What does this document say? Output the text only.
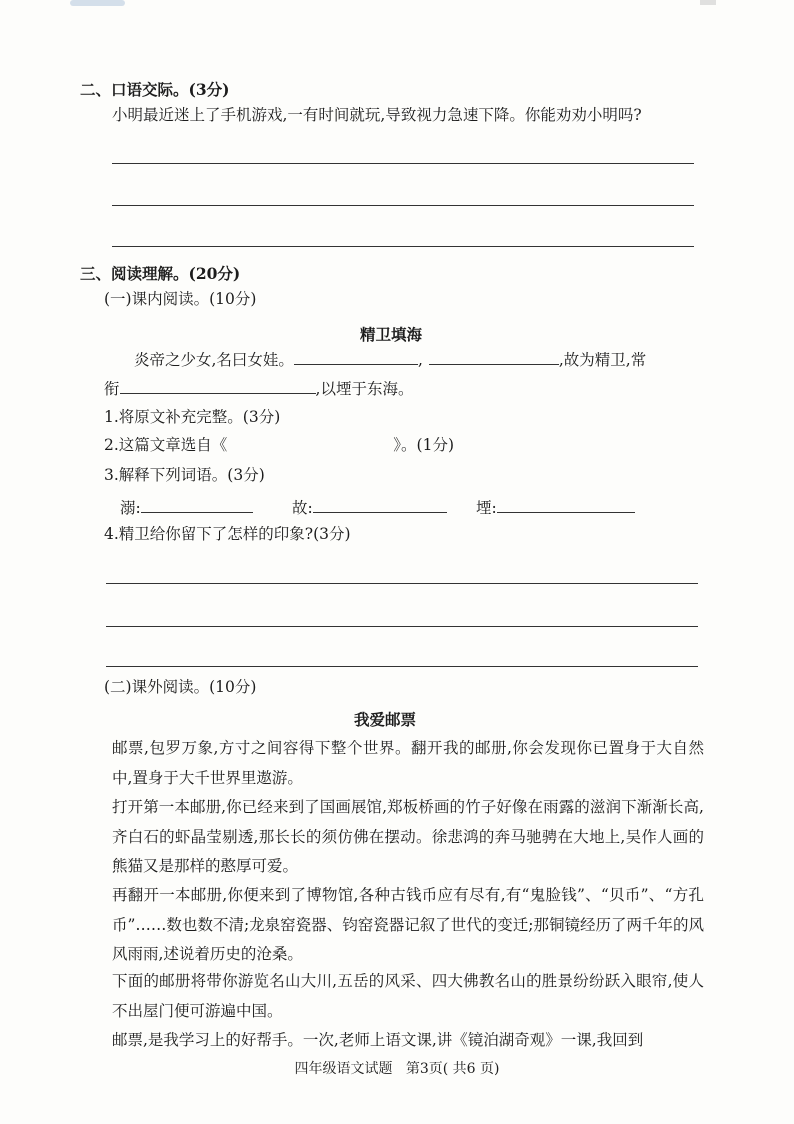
二、口语交际。(3分)
小明最近迷上了手机游戏,一有时间就玩,导致视力急速下降。你能劝劝小明吗?
三、阅读理解。(20分)
(一)课内阅读。(10分)
精卫填海
炎帝之少女,名曰女娃。	,	,故为精卫,常
衔	,以堙于东海。
1.将原文补充完整。(3分)
2.这篇文章选自《	》。(1分)
3.解释下列词语。(3分)
溺:	故:	堙:
4.精卫给你留下了怎样的印象?(3分)
(二)课外阅读。(10分)
我爱邮票
邮票,包罗万象,方寸之间容得下整个世界。翻开我的邮册,你会发现你已置身于大自然中,置身于大千世界里遨游。
打开第一本邮册,你已经来到了国画展馆,郑板桥画的竹子好像在雨露的滋润下渐渐长高,齐白石的虾晶莹剔透,那长长的须仿佛在摆动。徐悲鸿的奔马驰骋在大地上,吴作人画的熊猫又是那样的憨厚可爱。
再翻开一本邮册,你便来到了博物馆,各种古钱币应有尽有,有“鬼脸钱”、“贝币”、“方孔币”……数也数不清;龙泉窑瓷器、钧窑瓷器记叙了世代的变迁;那铜镜经历了两千年的风风雨雨,述说着历史的沧桑。
下面的邮册将带你游览名山大川,五岳的风采、四大佛教名山的胜景纷纷跃入眼帘,使人不出屋门便可游遍中国。
邮票,是我学习上的好帮手。一次,老师上语文课,讲《镜泊湖奇观》一课,我回到
四年级语文试题   第3页( 共6 页)
